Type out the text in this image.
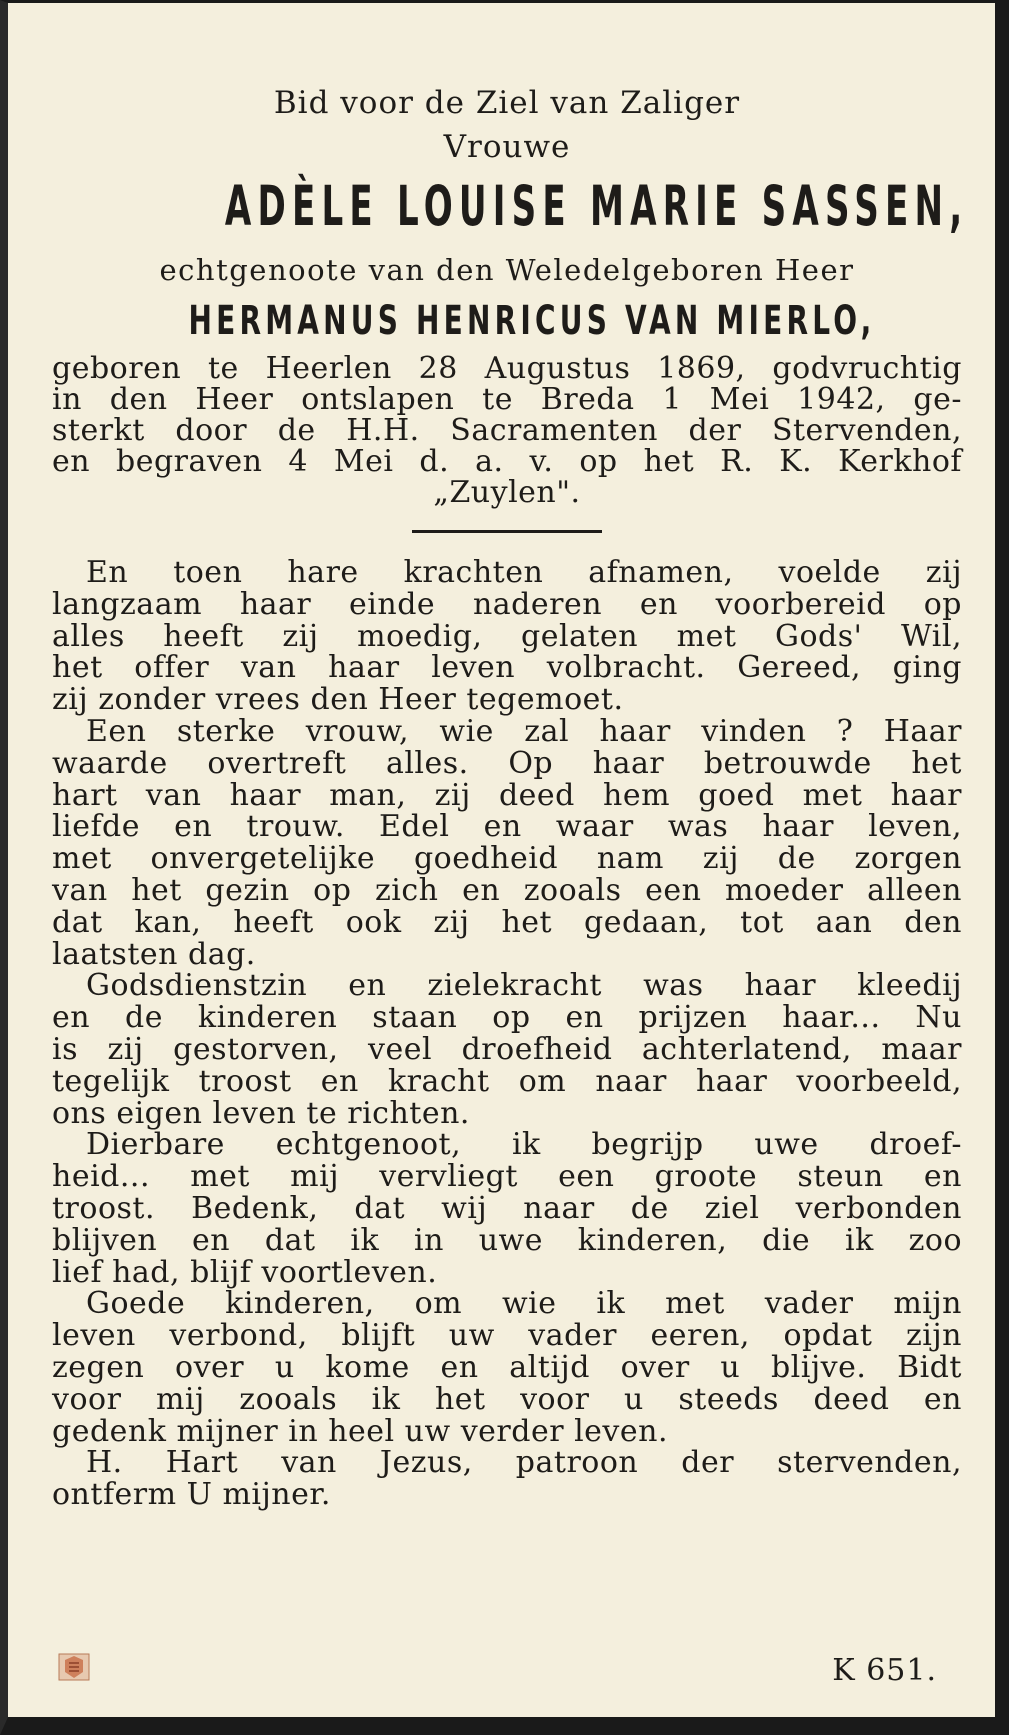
Bid voor de Ziel van Zaliger
Vrouwe
ADÈLE LOUISE MARIE SASSEN,
echtgenoote van den Weledelgeboren Heer
HERMANUS HENRICUS VAN MIERLO,
geboren te Heerlen 28 Augustus 1869, godvruchtig
in den Heer ontslapen te Breda 1 Mei 1942, ge-
sterkt door de H.H. Sacramenten der Stervenden,
en begraven 4 Mei d. a. v. op het R. K. Kerkhof
„Zuylen".
En toen hare krachten afnamen, voelde zij
langzaam haar einde naderen en voorbereid op
alles heeft zij moedig, gelaten met Gods' Wil,
het offer van haar leven volbracht. Gereed, ging
zij zonder vrees den Heer tegemoet.
Een sterke vrouw, wie zal haar vinden ? Haar
waarde overtreft alles. Op haar betrouwde het
hart van haar man, zij deed hem goed met haar
liefde en trouw. Edel en waar was haar leven,
met onvergetelijke goedheid nam zij de zorgen
van het gezin op zich en zooals een moeder alleen
dat kan, heeft ook zij het gedaan, tot aan den
laatsten dag.
Godsdienstzin en zielekracht was haar kleedij
en de kinderen staan op en prijzen haar... Nu
is zij gestorven, veel droefheid achterlatend, maar
tegelijk troost en kracht om naar haar voorbeeld,
ons eigen leven te richten.
Dierbare echtgenoot, ik begrijp uwe droef-
heid... met mij vervliegt een groote steun en
troost. Bedenk, dat wij naar de ziel verbonden
blijven en dat ik in uwe kinderen, die ik zoo
lief had, blijf voortleven.
Goede kinderen, om wie ik met vader mijn
leven verbond, blijft uw vader eeren, opdat zijn
zegen over u kome en altijd over u blijve. Bidt
voor mij zooals ik het voor u steeds deed en
gedenk mijner in heel uw verder leven.
H. Hart van Jezus, patroon der stervenden,
ontferm U mijner.
K 651.
